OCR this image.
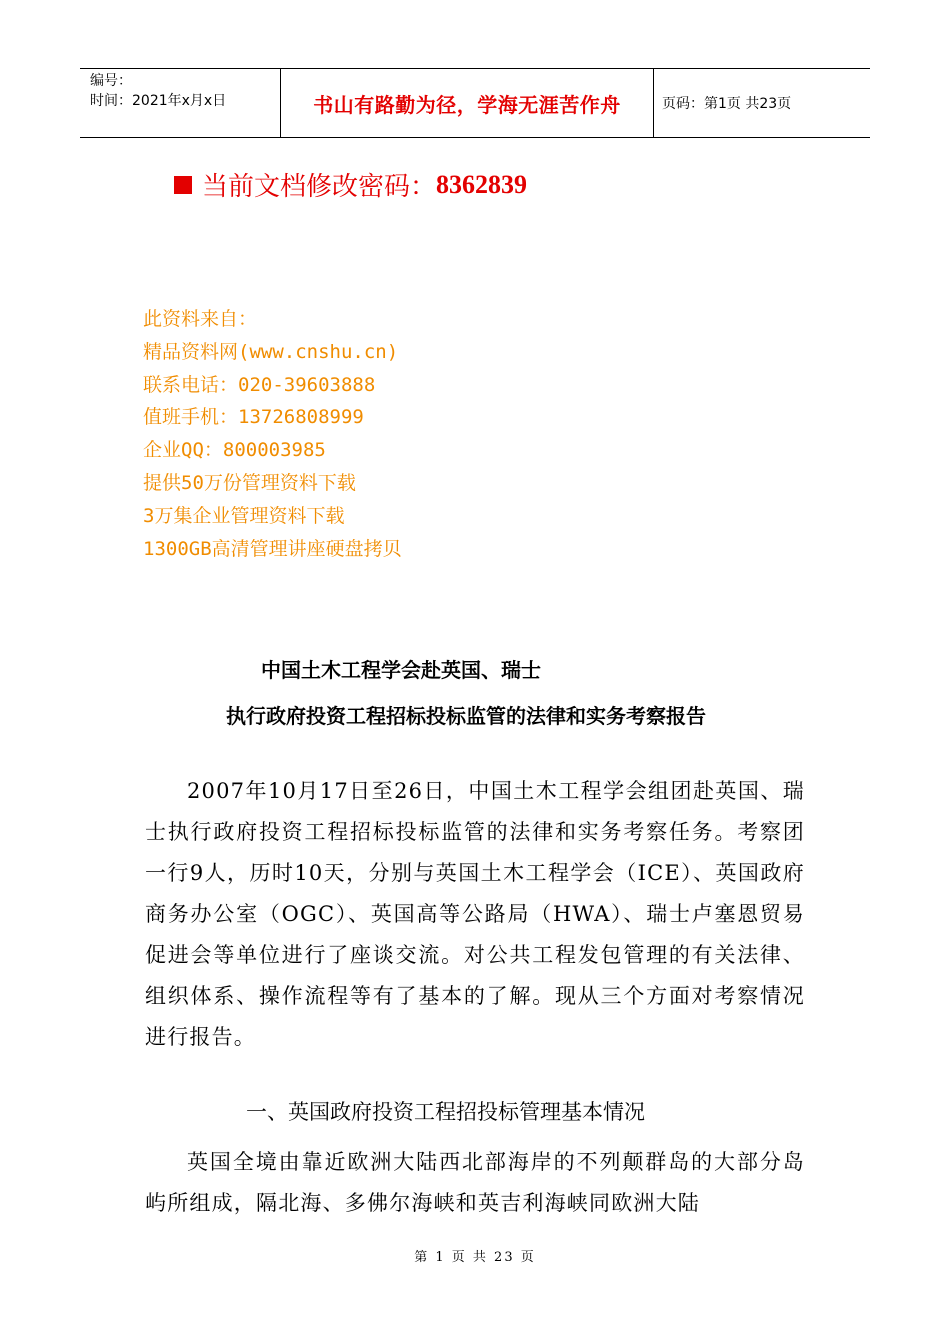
编号：
时间：2021年x月x日	书山有路勤为径，学海无涯苦作舟	页码：第1页 共23页
当前文档修改密码： 8362839
此资料来自：
精品资料网(www.cnshu.cn)
联系电话：020-39603888
值班手机：13726808999
企业QQ：800003985
提供50万份管理资料下载
3万集企业管理资料下载
1300GB高清管理讲座硬盘拷贝
中国土木工程学会赴英国、瑞士
执行政府投资工程招标投标监管的法律和实务考察报告
2007年10月17日至26日，中国土木工程学会组团赴英国、瑞士执行政府投资工程招标投标监管的法律和实务考察任务。考察团一行9人，历时10天，分别与英国土木工程学会（ICE）、英国政府商务办公室（OGC）、英国高等公路局（HWA）、瑞士卢塞恩贸易促进会等单位进行了座谈交流。对公共工程发包管理的有关法律、组织体系、操作流程等有了基本的了解。现从三个方面对考察情况进行报告。
一、英国政府投资工程招投标管理基本情况
英国全境由靠近欧洲大陆西北部海岸的不列颠群岛的大部分岛屿所组成，隔北海、多佛尔海峡和英吉利海峡同欧洲大陆
第 1 页 共 23 页
